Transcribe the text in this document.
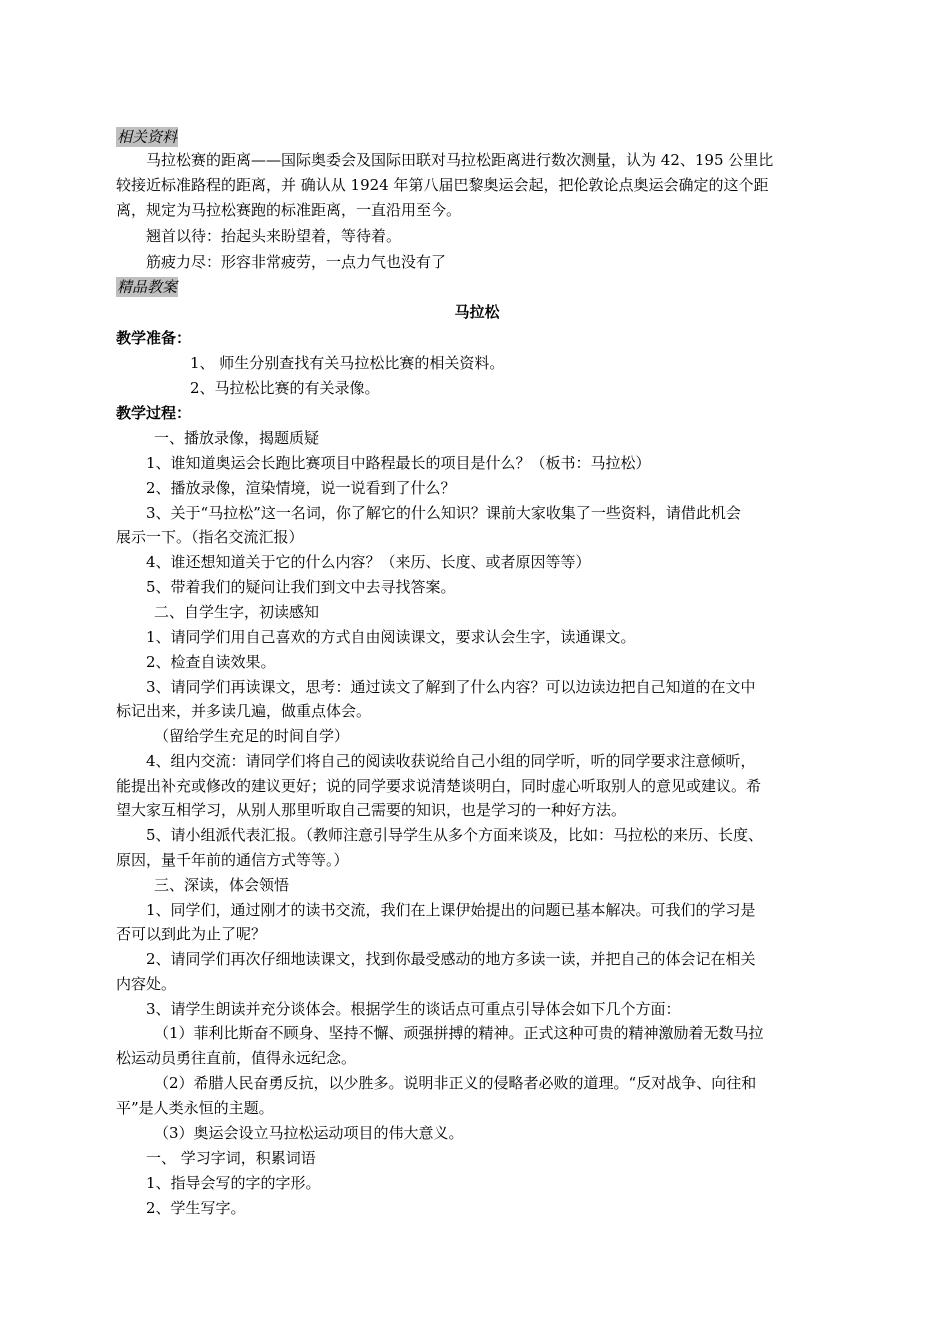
相关资料
马拉松赛的距离——国际奥委会及国际田联对马拉松距离进行数次测量，认为 42、195 公里比
较接近标准路程的距离，并 确认从 1924 年第八届巴黎奥运会起，把伦敦论点奥运会确定的这个距
离，规定为马拉松赛跑的标准距离，一直沿用至今。
翘首以待：抬起头来盼望着，等待着。
筋疲力尽：形容非常疲劳，一点力气也没有了
精品教案
马拉松
教学准备：
1、 师生分别查找有关马拉松比赛的相关资料。
2、马拉松比赛的有关录像。
教学过程：
一、播放录像，揭题质疑
1、谁知道奥运会长跑比赛项目中路程最长的项目是什么？（板书：马拉松）
2、播放录像，渲染情境，说一说看到了什么？
3、关于“马拉松”这一名词，你了解它的什么知识？课前大家收集了一些资料，请借此机会
展示一下。（指名交流汇报）
4、谁还想知道关于它的什么内容？（来历、长度、或者原因等等）
5、带着我们的疑问让我们到文中去寻找答案。
二、自学生字，初读感知
1、请同学们用自己喜欢的方式自由阅读课文，要求认会生字，读通课文。
2、检查自读效果。
3、请同学们再读课文，思考：通过读文了解到了什么内容？可以边读边把自己知道的在文中
标记出来，并多读几遍，做重点体会。
（留给学生充足的时间自学）
4、组内交流：请同学们将自己的阅读收获说给自己小组的同学听，听的同学要求注意倾听，
能提出补充或修改的建议更好；说的同学要求说清楚谈明白，同时虚心听取别人的意见或建议。希
望大家互相学习，从别人那里听取自己需要的知识，也是学习的一种好方法。
5、请小组派代表汇报。（教师注意引导学生从多个方面来谈及，比如：马拉松的来历、长度、
原因，量千年前的通信方式等等。）
三、深读，体会领悟
1、同学们，通过刚才的读书交流，我们在上课伊始提出的问题已基本解决。可我们的学习是
否可以到此为止了呢？
2、请同学们再次仔细地读课文，找到你最受感动的地方多读一读，并把自己的体会记在相关
内容处。
3、请学生朗读并充分谈体会。根据学生的谈话点可重点引导体会如下几个方面：
（1）菲利比斯奋不顾身、坚持不懈、顽强拼搏的精神。正式这种可贵的精神激励着无数马拉
松运动员勇往直前，值得永远纪念。
（2）希腊人民奋勇反抗，以少胜多。说明非正义的侵略者必败的道理。“反对战争、向往和
平”是人类永恒的主题。
（3）奥运会设立马拉松运动项目的伟大意义。
一、 学习字词，积累词语
1、指导会写的字的字形。
2、学生写字。
